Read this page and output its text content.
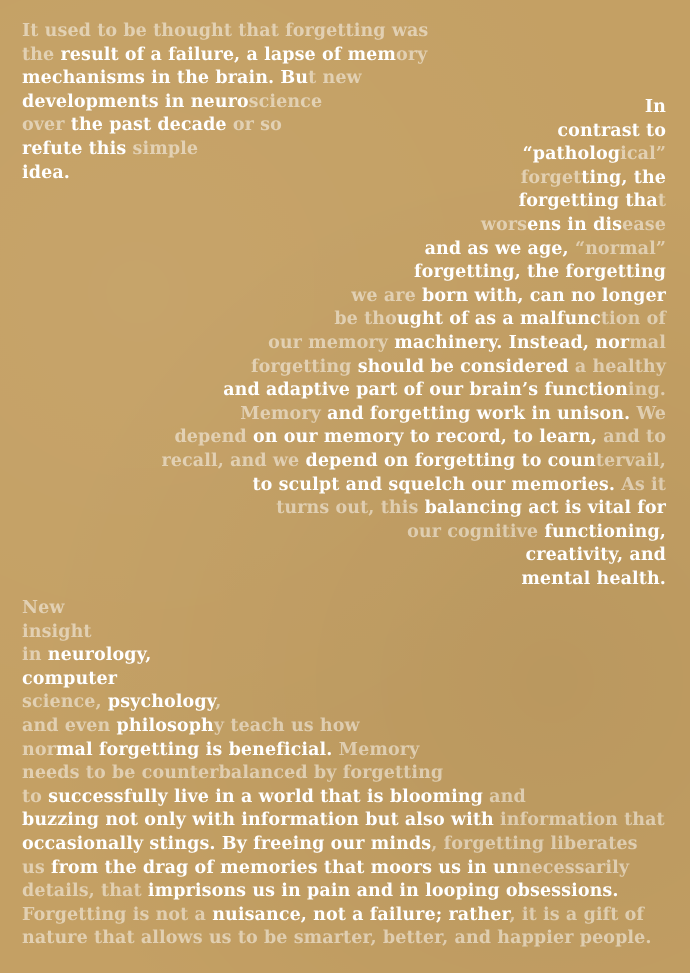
It used to be thought that forgetting was
the result of a failure, a lapse of memory
mechanisms in the brain. But new
developments in neuroscience
over the past decade or so
refute this simple
idea.
In
contrast to
“pathological”
forgetting, the
forgetting that
worsens in disease
and as we age, “normal”
forgetting, the forgetting
we are born with, can no longer
be thought of as a malfunction of
our memory machinery. Instead, normal
forgetting should be considered a healthy
and adaptive part of our brain’s functioning.
Memory and forgetting work in unison. We
depend on our memory to record, to learn, and to
recall, and we depend on forgetting to countervail,
to sculpt and squelch our memories. As it
turns out, this balancing act is vital for
our cognitive functioning,
creativity, and
mental health.
New
insight
in neurology,
computer
science, psychology,
and even philosophy teach us how
normal forgetting is beneficial. Memory
needs to be counterbalanced by forgetting
to successfully live in a world that is blooming and
buzzing not only with information but also with information that
occasionally stings. By freeing our minds, forgetting liberates
us from the drag of memories that moors us in unnecessarily
details, that imprisons us in pain and in looping obsessions.
Forgetting is not a nuisance, not a failure; rather, it is a gift of
nature that allows us to be smarter, better, and happier people.
